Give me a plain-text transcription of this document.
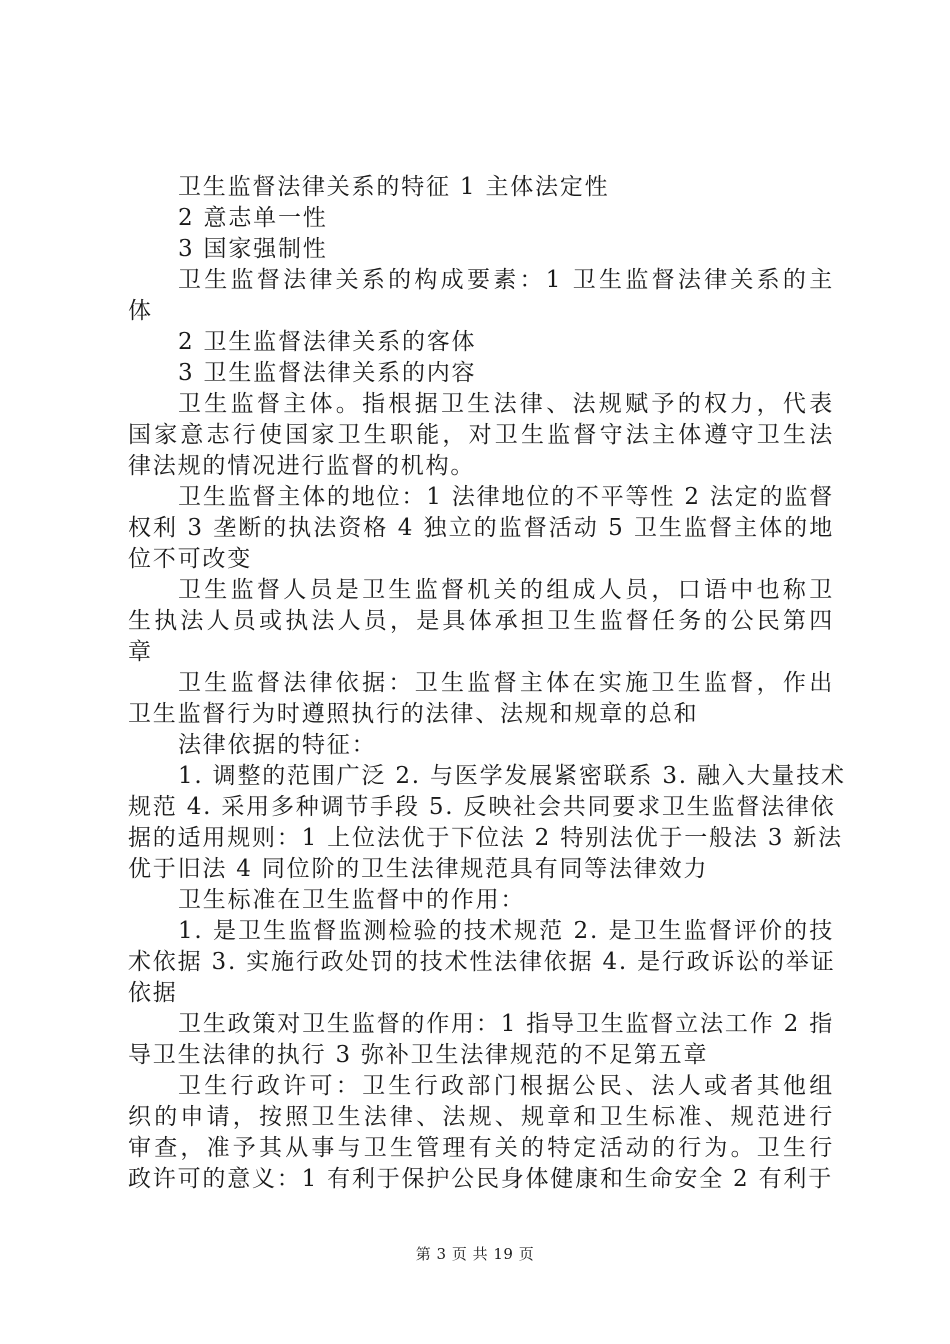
卫生监督法律关系的特征 1 主体法定性
2 意志单一性
3 国家强制性
卫生监督法律关系的构成要素：1 卫生监督法律关系的主
体
2 卫生监督法律关系的客体
3 卫生监督法律关系的内容
卫生监督主体。指根据卫生法律、法规赋予的权力，代表
国家意志行使国家卫生职能，对卫生监督守法主体遵守卫生法
律法规的情况进行监督的机构。
卫生监督主体的地位：1 法律地位的不平等性 2 法定的监督
权利 3 垄断的执法资格 4 独立的监督活动 5 卫生监督主体的地
位不可改变
卫生监督人员是卫生监督机关的组成人员，口语中也称卫
生执法人员或执法人员，是具体承担卫生监督任务的公民第四
章
卫生监督法律依据：卫生监督主体在实施卫生监督，作出
卫生监督行为时遵照执行的法律、法规和规章的总和
法律依据的特征：
1. 调整的范围广泛 2. 与医学发展紧密联系 3. 融入大量技术
规范 4. 采用多种调节手段 5. 反映社会共同要求卫生监督法律依
据的适用规则：1 上位法优于下位法 2 特别法优于一般法 3 新法
优于旧法 4 同位阶的卫生法律规范具有同等法律效力
卫生标准在卫生监督中的作用：
1. 是卫生监督监测检验的技术规范 2. 是卫生监督评价的技
术依据 3. 实施行政处罚的技术性法律依据 4. 是行政诉讼的举证
依据
卫生政策对卫生监督的作用：1 指导卫生监督立法工作 2 指
导卫生法律的执行 3 弥补卫生法律规范的不足第五章
卫生行政许可：卫生行政部门根据公民、法人或者其他组
织的申请，按照卫生法律、法规、规章和卫生标准、规范进行
审查，准予其从事与卫生管理有关的特定活动的行为。卫生行
政许可的意义：1 有利于保护公民身体健康和生命安全 2 有利于
第 3 页 共 19 页
